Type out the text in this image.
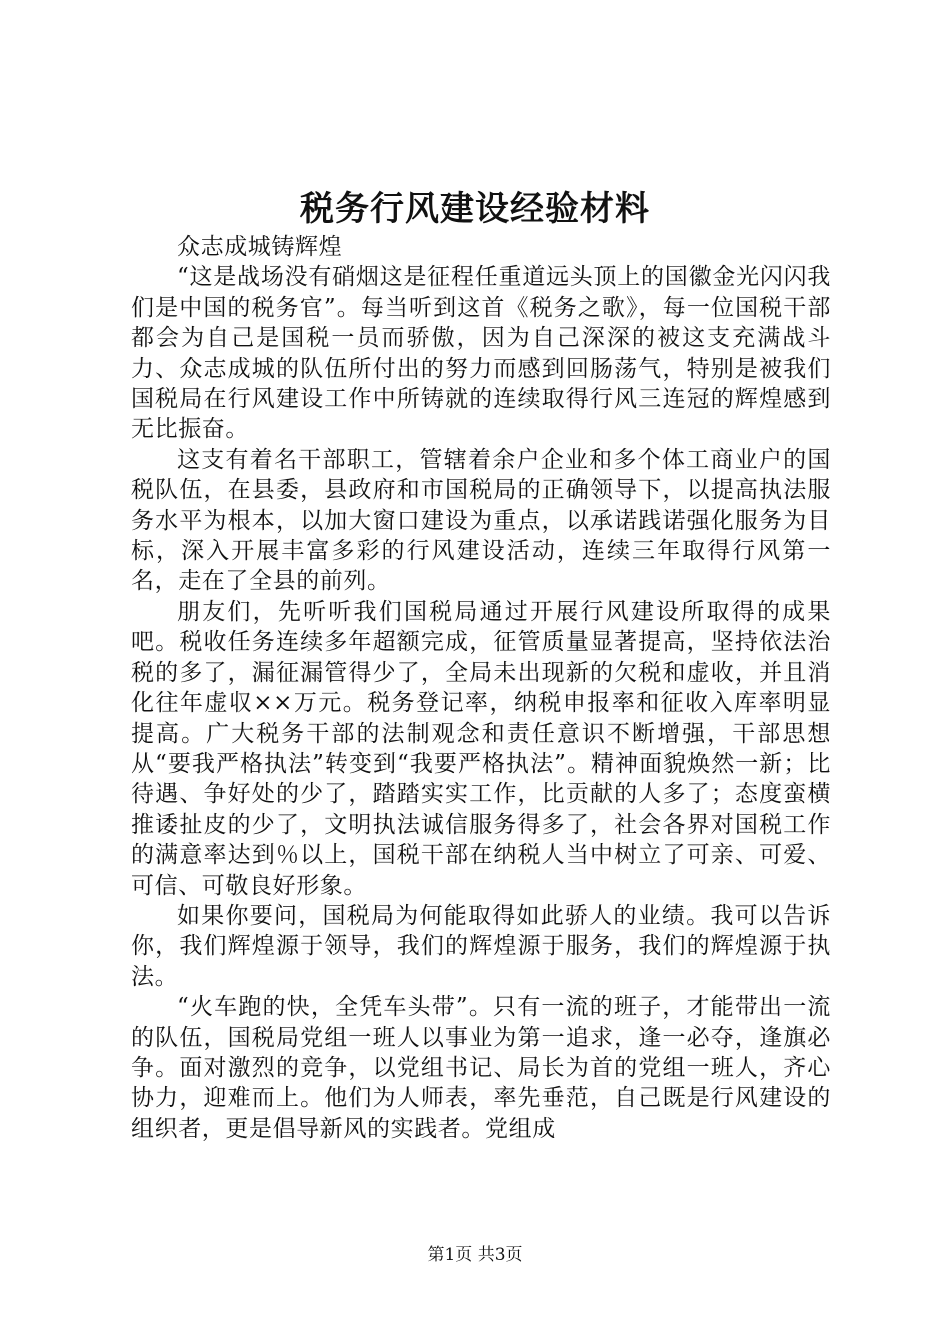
税务行风建设经验材料

众志成城铸辉煌

“这是战场没有硝烟这是征程任重道远头顶上的国徽金光闪闪我们是中国的税务官”。每当听到这首《税务之歌》，每一位国税干部都会为自己是国税一员而骄傲，因为自己深深的被这支充满战斗力、众志成城的队伍所付出的努力而感到回肠荡气，特别是被我们国税局在行风建设工作中所铸就的连续取得行风三连冠的辉煌感到无比振奋。

这支有着名干部职工，管辖着余户企业和多个体工商业户的国税队伍，在县委，县政府和市国税局的正确领导下，以提高执法服务水平为根本，以加大窗口建设为重点，以承诺践诺强化服务为目标，深入开展丰富多彩的行风建设活动，连续三年取得行风第一名，走在了全县的前列。

朋友们，先听听我们国税局通过开展行风建设所取得的成果吧。税收任务连续多年超额完成，征管质量显著提高，坚持依法治税的多了，漏征漏管得少了，全局未出现新的欠税和虚收，并且消化往年虚収××万元。税务登记率，纳税申报率和征收入库率明显提高。广大税务干部的法制观念和责任意识不断增强，干部思想从“要我严格执法”转变到“我要严格执法”。精神面貌焕然一新；比待遇、争好处的少了，踏踏实实工作，比贡献的人多了；态度蛮横推诿扯皮的少了，文明执法诚信服务得多了，社会各界对国税工作的满意率达到％以上，国税干部在纳税人当中树立了可亲、可爱、可信、可敬良好形象。

如果你要问，国税局为何能取得如此骄人的业绩。我可以告诉你，我们辉煌源于领导，我们的辉煌源于服务，我们的辉煌源于执法。

“火车跑的快，全凭车头带”。只有一流的班子，才能带出一流的队伍，国税局党组一班人以事业为第一追求，逢一必夺，逢旗必争。面对激烈的竞争，以党组书记、局长为首的党组一班人，齐心协力，迎难而上。他们为人师表，率先垂范，自己既是行风建设的组织者，更是倡导新风的实践者。党组成

第1页 共3页
